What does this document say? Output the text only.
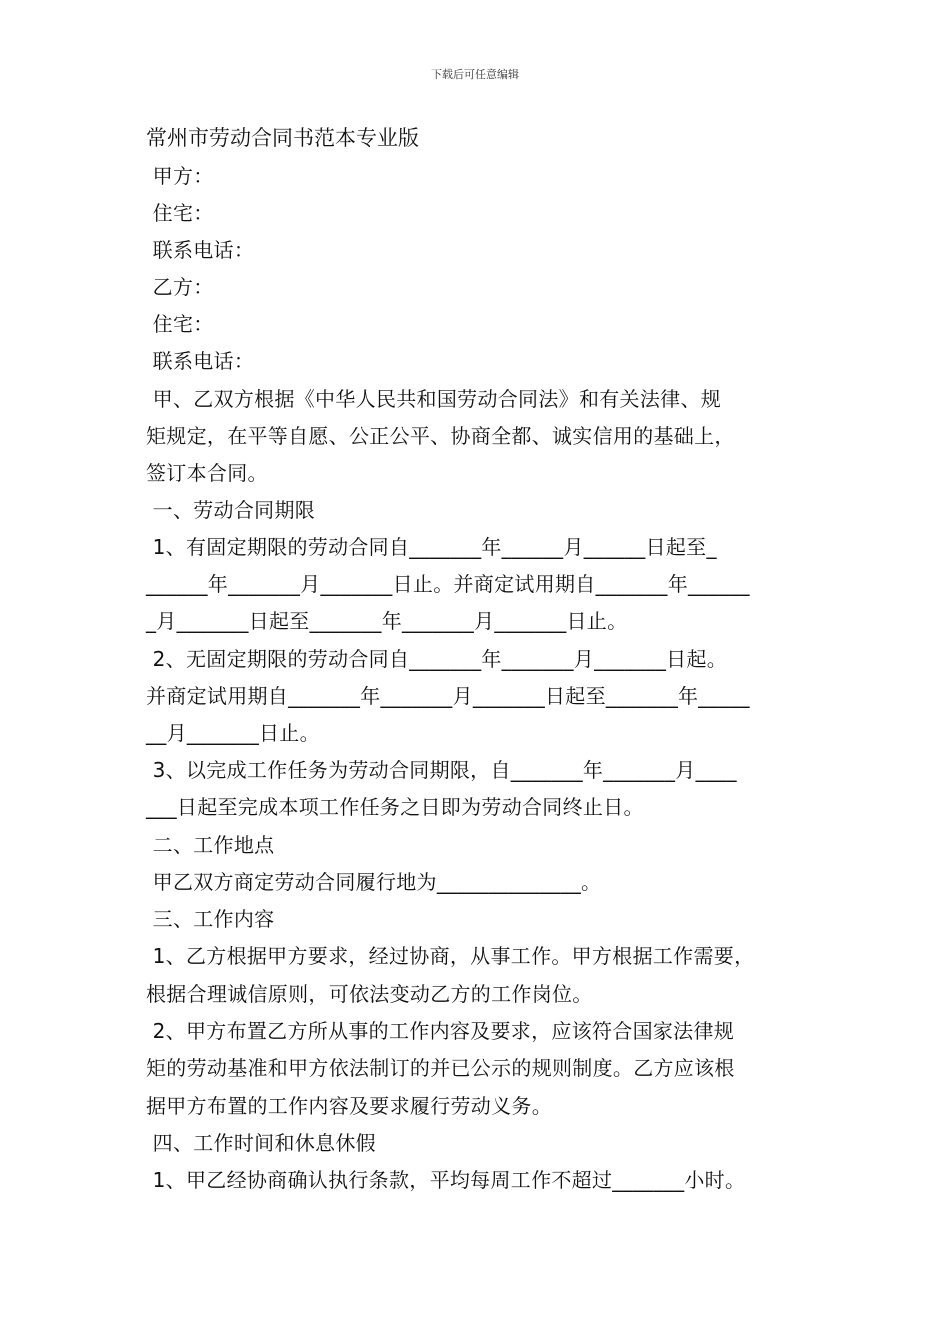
下载后可任意编辑
常州市劳动合同书范本专业版
甲方：
住宅：
联系电话：
乙方：
住宅：
联系电话：
甲、乙双方根据《中华人民共和国劳动合同法》和有关法律、规
矩规定，在平等自愿、公正公平、协商全都、诚实信用的基础上，
签订本合同。
一、劳动合同期限
1、有固定期限的劳动合同自_______年______月______日起至_
______年_______月_______日止。并商定试用期自_______年______
_月_______日起至_______年_______月_______日止。
2、无固定期限的劳动合同自_______年_______月_______日起。
并商定试用期自_______年_______月_______日起至_______年_____
__月_______日止。
3、以完成工作任务为劳动合同期限，自_______年_______月____
___日起至完成本项工作任务之日即为劳动合同终止日。
二、工作地点
甲乙双方商定劳动合同履行地为______________。
三、工作内容
1、乙方根据甲方要求，经过协商，从事工作。甲方根据工作需要，
根据合理诚信原则，可依法变动乙方的工作岗位。
2、甲方布置乙方所从事的工作内容及要求，应该符合国家法律规
矩的劳动基准和甲方依法制订的并已公示的规则制度。乙方应该根
据甲方布置的工作内容及要求履行劳动义务。
四、工作时间和休息休假
1、甲乙经协商确认执行条款，平均每周工作不超过_______小时。
